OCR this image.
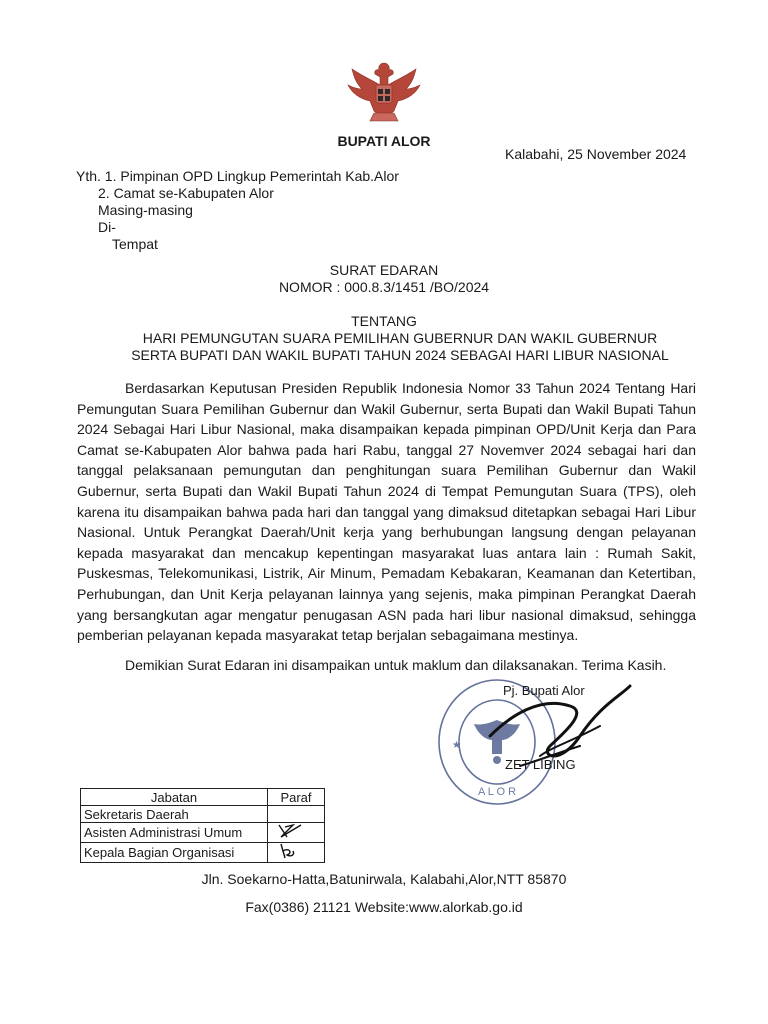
BUPATI ALOR
Kalabahi, 25 November 2024
Yth. 1. Pimpinan OPD Lingkup Pemerintah Kab.Alor
2. Camat se-Kabupaten Alor
Masing-masing
Di-
Tempat
SURAT EDARAN
NOMOR : 000.8.3/1451 /BO/2024
TENTANG
HARI PEMUNGUTAN SUARA PEMILIHAN GUBERNUR DAN WAKIL GUBERNUR
SERTA BUPATI DAN WAKIL BUPATI TAHUN 2024 SEBAGAI HARI LIBUR NASIONAL

Berdasarkan Keputusan Presiden Republik Indonesia Nomor 33 Tahun 2024 Tentang Hari Pemungutan Suara Pemilihan Gubernur dan Wakil Gubernur, serta Bupati dan Wakil Bupati Tahun 2024 Sebagai Hari Libur Nasional, maka disampaikan kepada pimpinan OPD/Unit Kerja dan Para Camat se-Kabupaten Alor bahwa pada hari Rabu, tanggal 27 Novemver 2024 sebagai hari dan tanggal pelaksanaan pemungutan dan penghitungan suara Pemilihan Gubernur dan Wakil Gubernur, serta Bupati dan Wakil Bupati Tahun 2024 di Tempat Pemungutan Suara (TPS), oleh karena itu disampaikan bahwa pada hari dan tanggal yang dimaksud ditetapkan sebagai Hari Libur Nasional. Untuk Perangkat Daerah/Unit kerja yang berhubungan langsung dengan pelayanan kepada masyarakat dan mencakup kepentingan masyarakat luas antara lain : Rumah Sakit, Puskesmas, Telekomunikasi, Listrik, Air Minum, Pemadam Kebakaran, Keamanan dan Ketertiban, Perhubungan, dan Unit Kerja pelayanan lainnya yang sejenis, maka pimpinan Perangkat Daerah yang bersangkutan agar mengatur penugasan ASN pada hari libur nasional dimaksud, sehingga pemberian pelayanan kepada masyarakat tetap berjalan sebagaimana mestinya.

Demikian Surat Edaran ini disampaikan untuk maklum dan dilaksanakan. Terima Kasih.
A L O R
★
Pj. Bupati Alor
ZET LIBING
Jabatan	Paraf
Sekretaris Daerah	
Asisten Administrasi Umum	
Kepala Bagian Organisasi	
Jln. Soekarno-Hatta,Batunirwala, Kalabahi,Alor,NTT 85870
Fax(0386) 21121 Website:www.alorkab.go.id
